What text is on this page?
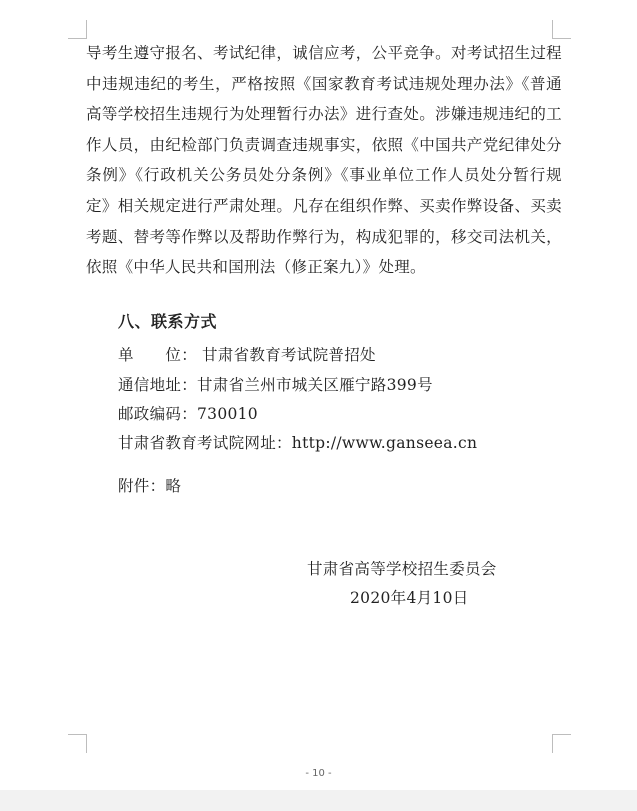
导考生遵守报名、考试纪律，诚信应考，公平竞争。对考试招生过程中违规违纪的考生，严格按照《国家教育考试违规处理办法》《普通高等学校招生违规行为处理暂行办法》进行查处。涉嫌违规违纪的工作人员，由纪检部门负责调查违规事实，依照《中国共产党纪律处分条例》《行政机关公务员处分条例》《事业单位工作人员处分暂行规定》相关规定进行严肃处理。凡存在组织作弊、买卖作弊设备、买卖考题、替考等作弊以及帮助作弊行为，构成犯罪的，移交司法机关，依照《中华人民共和国刑法（修正案九）》处理。

八、联系方式
单　　位： 甘肃省教育考试院普招处
通信地址：甘肃省兰州市城关区雁宁路399号
邮政编码：730010
甘肃省教育考试院网址：http://www.ganseea.cn
附件：略
甘肃省高等学校招生委员会
2020年4月10日
- 10 -
